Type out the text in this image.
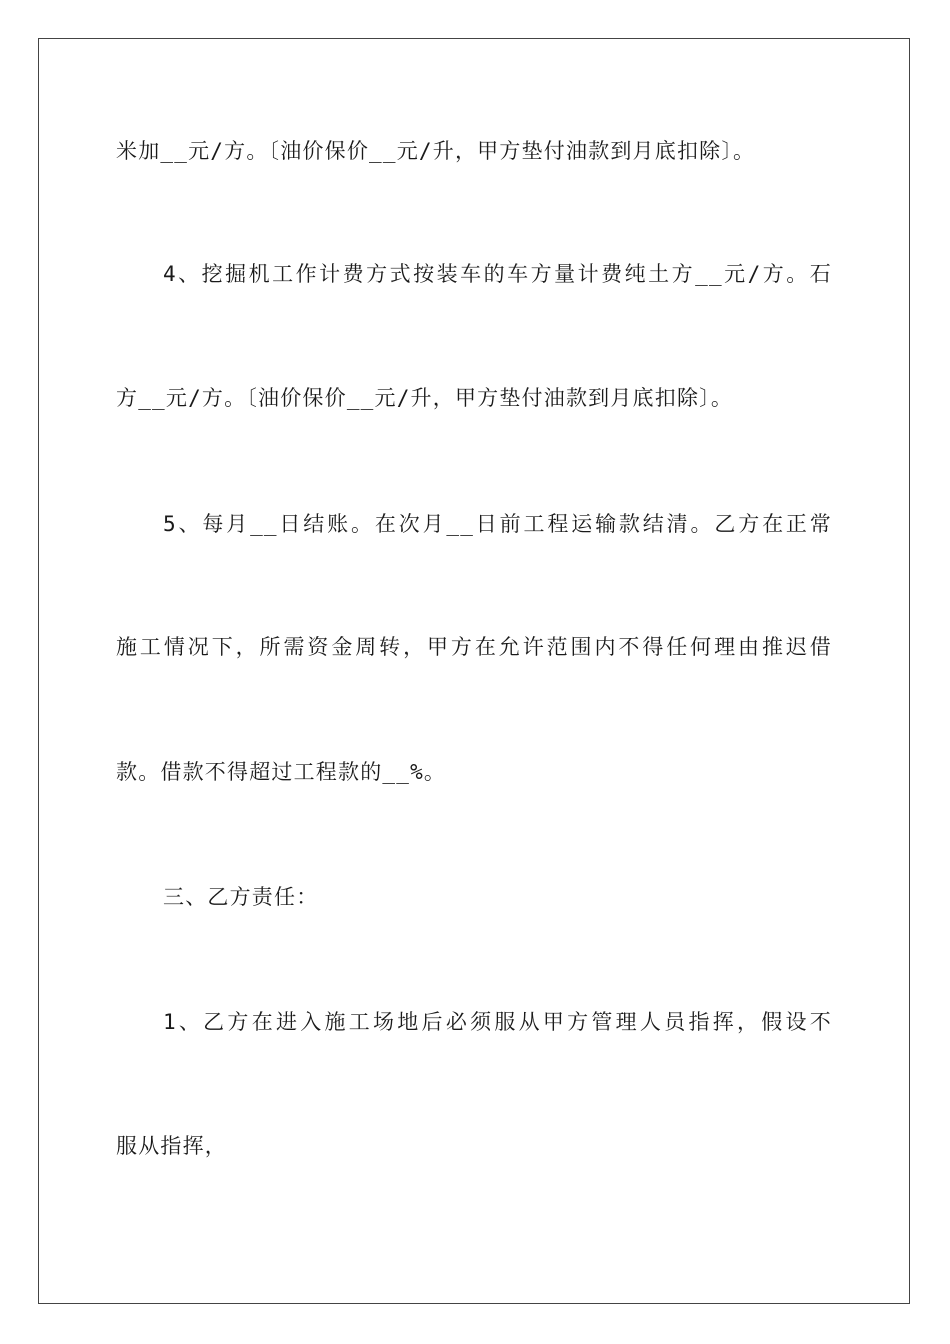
米加__元/方。〔油价保价__元/升，甲方垫付油款到月底扣除〕。
4、挖掘机工作计费方式按装车的车方量计费纯土方__元/方。石
方__元/方。〔油价保价__元/升，甲方垫付油款到月底扣除〕。
5、每月__日结账。在次月__日前工程运输款结清。乙方在正常
施工情况下，所需资金周转，甲方在允许范围内不得任何理由推迟借
款。借款不得超过工程款的__%。
三、乙方责任：
1、乙方在进入施工场地后必须服从甲方管理人员指挥，假设不
服从指挥，
